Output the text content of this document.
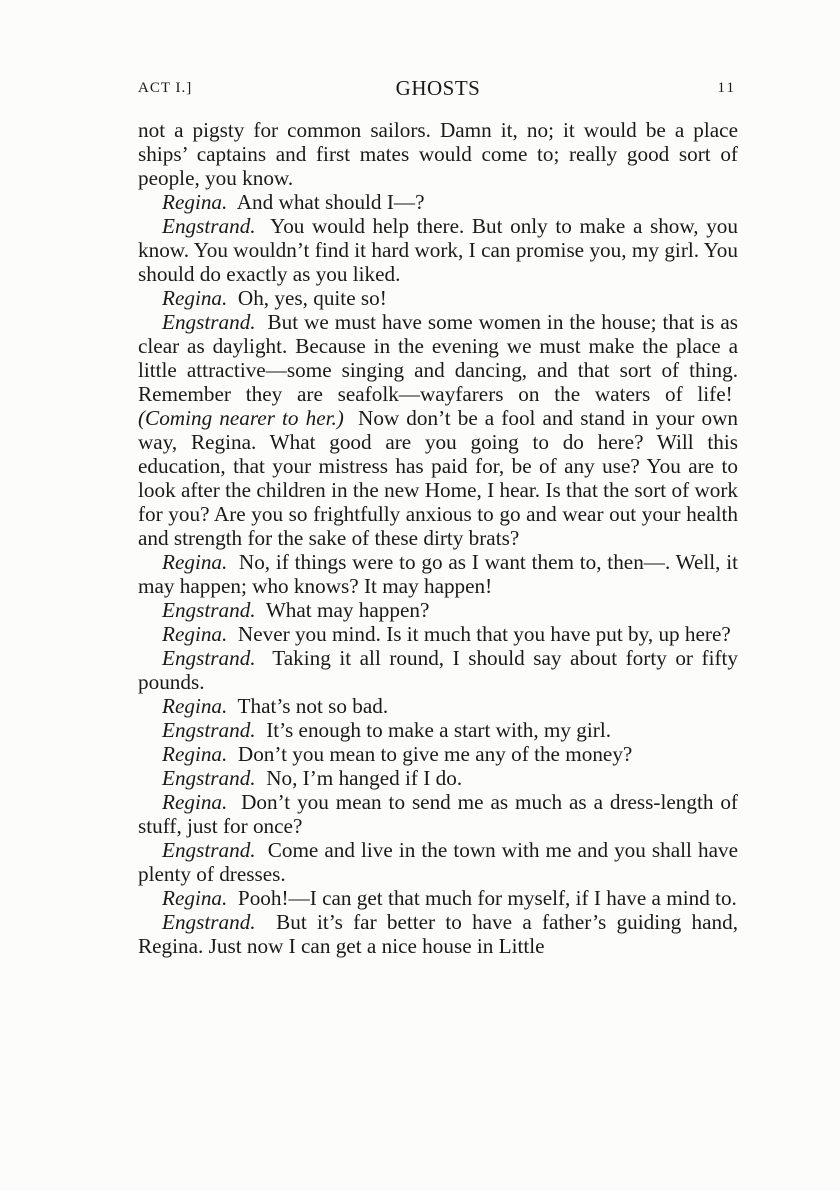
ACT I.]	GHOSTS	11

not a pigsty for common sailors. Damn it, no; it would be a place ships’ captains and first mates would come to; really good sort of people, you know.

Regina. And what should I—?

Engstrand. You would help there. But only to make a show, you know. You wouldn’t find it hard work, I can promise you, my girl. You should do exactly as you liked.

Regina. Oh, yes, quite so!

Engstrand. But we must have some women in the house; that is as clear as daylight. Because in the evening we must make the place a little attractive—some singing and dancing, and that sort of thing. Remember they are seafolk—wayfarers on the waters of life!  (Coming nearer to her.) Now don’t be a fool and stand in your own way, Regina. What good are you going to do here? Will this education, that your mistress has paid for, be of any use? You are to look after the children in the new Home, I hear. Is that the sort of work for you? Are you so frightfully anxious to go and wear out your health and strength for the sake of these dirty brats?

Regina. No, if things were to go as I want them to, then—. Well, it may happen; who knows? It may happen!

Engstrand. What may happen?

Regina. Never you mind. Is it much that you have put by, up here?

Engstrand. Taking it all round, I should say about forty or fifty pounds.

Regina. That’s not so bad.

Engstrand. It’s enough to make a start with, my girl.

Regina. Don’t you mean to give me any of the money?

Engstrand. No, I’m hanged if I do.

Regina. Don’t you mean to send me as much as a dress-length of stuff, just for once?

Engstrand. Come and live in the town with me and you shall have plenty of dresses.

Regina. Pooh!—I can get that much for myself, if I have a mind to.

Engstrand. But it’s far better to have a father’s guiding hand, Regina. Just now I can get a nice house in Little
